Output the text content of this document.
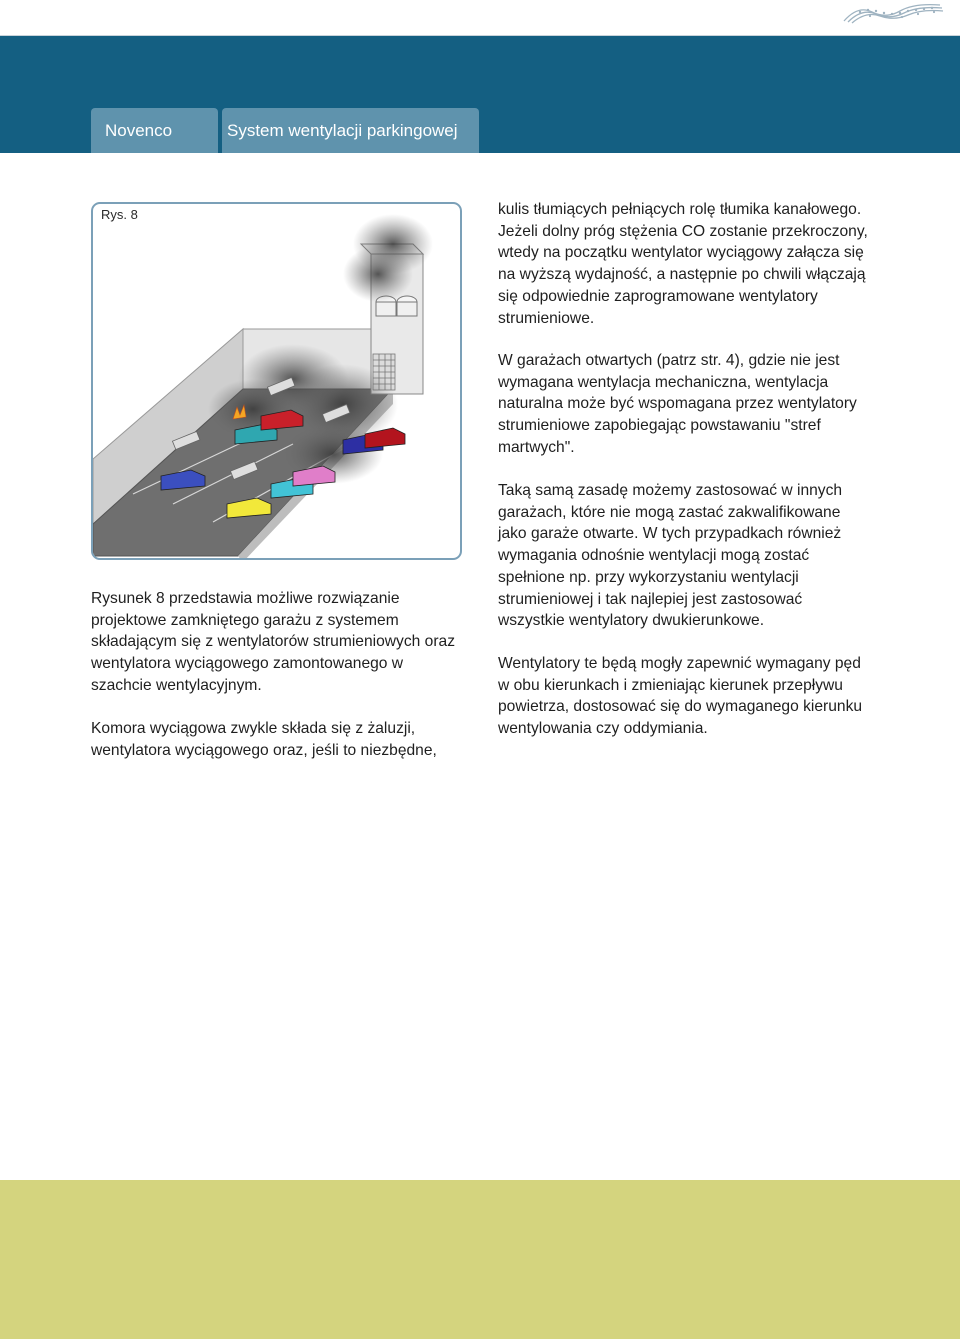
Novenco	System wentylacji parkingowej
Rys. 8

Rysunek 8 przedstawia możliwe rozwiązanie projektowe zamkniętego garażu z systemem składającym się z wentylatorów strumieniowych oraz wentylatora wyciągowego zamontowanego w szachcie wentylacyjnym.

Komora wyciągowa zwykle składa się z żaluzji, wentylatora wyciągowego oraz, jeśli to niezbędne,

kulis tłumiących pełniących rolę tłumika kanałowego. Jeżeli dolny próg stężenia CO zostanie przekroczony, wtedy na początku wentylator wyciągowy załącza się na wyższą wydajność, a następnie po chwili włączają się odpowiednie zaprogramowane wentylatory strumieniowe.

W garażach otwartych (patrz str. 4), gdzie nie jest wymagana wentylacja mechaniczna, wentylacja naturalna może być wspomagana przez wentylatory strumieniowe zapobiegając powstawaniu "stref martwych".

Taką samą zasadę możemy zastosować w innych garażach, które nie mogą zastać zakwalifikowane jako garaże otwarte. W tych przypadkach również wymagania odnośnie wentylacji mogą zostać spełnione np. przy wykorzystaniu wentylacji strumieniowej i tak najlepiej jest zastosować wszystkie wentylatory dwukierunkowe.

Wentylatory te będą mogły zapewnić wymagany pęd w obu kierunkach i zmieniając kierunek przepływu powietrza, dostosować się do wymaganego kierunku wentylowania czy oddymiania.
